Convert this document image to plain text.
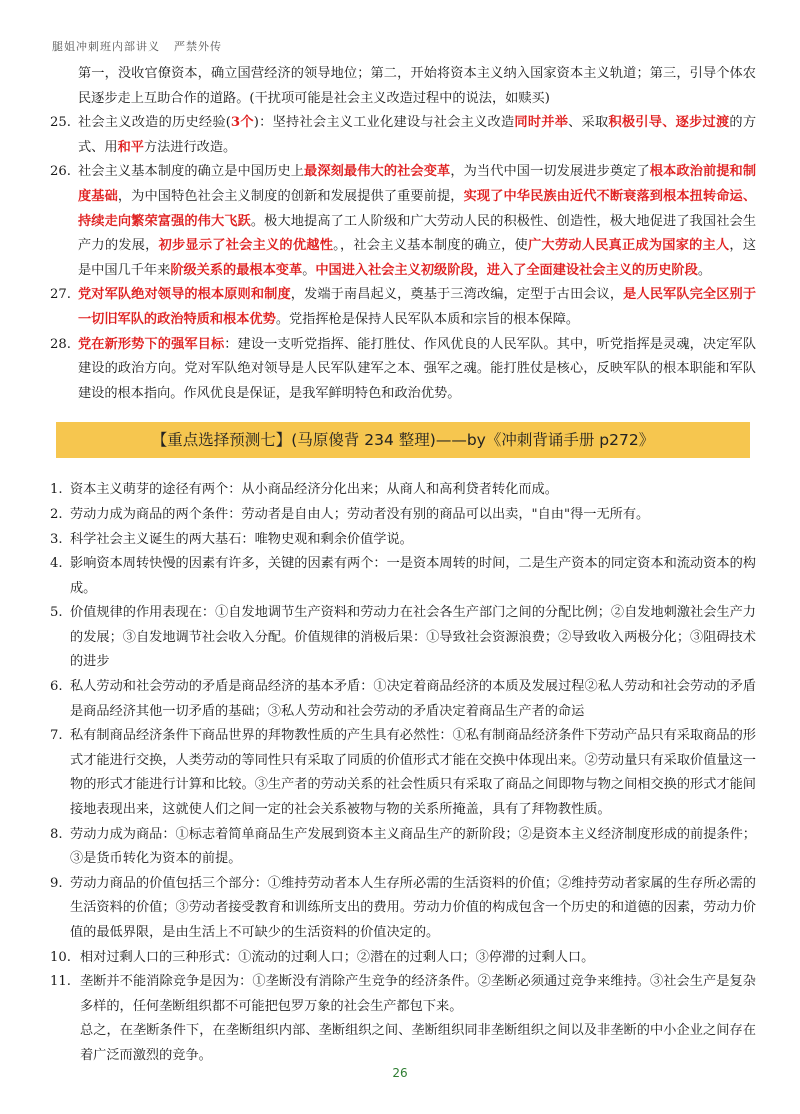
腿姐冲刺班内部讲义 严禁外传
第一，没收官僚资本，确立国营经济的领导地位；第二，开始将资本主义纳入国家资本主义轨道；第三，引导个体农民逐步走上互助合作的道路。(干扰项可能是社会主义改造过程中的说法，如赎买)
25. 社会主义改造的历史经验(3个)：坚持社会主义工业化建设与社会主义改造同时并举、采取积极引导、逐步过渡的方式、用和平方法进行改造。
26. 社会主义基本制度的确立是中国历史上最深刻最伟大的社会变革，为当代中国一切发展进步奠定了根本政治前提和制度基础，为中国特色社会主义制度的创新和发展提供了重要前提，实现了中华民族由近代不断衰落到根本扭转命运、持续走向繁荣富强的伟大飞跃。极大地提高了工人阶级和广大劳动人民的积极性、创造性，极大地促进了我国社会生产力的发展，初步显示了社会主义的优越性。，社会主义基本制度的确立，使广大劳动人民真正成为国家的主人，这是中国几千年来阶级关系的最根本变革。中国进入社会主义初级阶段，进入了全面建设社会主义的历史阶段。
27. 党对军队绝对领导的根本原则和制度，发端于南昌起义，奠基于三湾改编，定型于古田会议，是人民军队完全区别于一切旧军队的政治特质和根本优势。党指挥枪是保持人民军队本质和宗旨的根本保障。
28. 党在新形势下的强军目标：建设一支听党指挥、能打胜仗、作风优良的人民军队。其中，听党指挥是灵魂，决定军队建设的政治方向。党对军队绝对领导是人民军队建军之本、强军之魂。能打胜仗是核心，反映军队的根本职能和军队建设的根本指向。作风优良是保证，是我军鲜明特色和政治优势。
【重点选择预测七】(马原傻背 234 整理)——by《冲刺背诵手册 p272》
1. 资本主义萌芽的途径有两个：从小商品经济分化出来；从商人和高利贷者转化而成。
2. 劳动力成为商品的两个条件：劳动者是自由人；劳动者没有别的商品可以出卖，"自由"得一无所有。
3. 科学社会主义诞生的两大基石：唯物史观和剩余价值学说。
4. 影响资本周转快慢的因素有许多，关键的因素有两个：一是资本周转的时间，二是生产资本的同定资本和流动资本的构成。
5. 价值规律的作用表现在：①自发地调节生产资料和劳动力在社会各生产部门之间的分配比例；②自发地刺激社会生产力的发展；③自发地调节社会收入分配。价值规律的消极后果：①导致社会资源浪费；②导致收入两极分化；③阻碍技术的进步
6. 私人劳动和社会劳动的矛盾是商品经济的基本矛盾：①决定着商品经济的本质及发展过程②私人劳动和社会劳动的矛盾是商品经济其他一切矛盾的基础；③私人劳动和社会劳动的矛盾决定着商品生产者的命运
7. 私有制商品经济条件下商品世界的拜物教性质的产生具有必然性：①私有制商品经济条件下劳动产品只有采取商品的形式才能进行交换，人类劳动的等同性只有采取了同质的价值形式才能在交换中体现出来。②劳动量只有采取价值量这一物的形式才能进行计算和比较。③生产者的劳动关系的社会性质只有采取了商品之间即物与物之间相交换的形式才能间接地表现出来，这就使人们之间一定的社会关系被物与物的关系所掩盖，具有了拜物教性质。
8. 劳动力成为商品：①标志着简单商品生产发展到资本主义商品生产的新阶段；②是资本主义经济制度形成的前提条件；③是货币转化为资本的前提。
9. 劳动力商品的价值包括三个部分：①维持劳动者本人生存所必需的生活资料的价值；②维持劳动者家属的生存所必需的生活资料的价值；③劳动者接受教育和训练所支出的费用。劳动力价值的构成包含一个历史的和道德的因素，劳动力价值的最低界限，是由生活上不可缺少的生活资料的价值决定的。
10. 相对过剩人口的三种形式：①流动的过剩人口；②潜在的过剩人口；③停滞的过剩人口。
11. 垄断并不能消除竞争是因为：①垄断没有消除产生竞争的经济条件。②垄断必须通过竞争来维持。③社会生产是复杂多样的，任何垄断组织都不可能把包罗万象的社会生产都包下来。
总之，在垄断条件下，在垄断组织内部、垄断组织之间、垄断组织同非垄断组织之间以及非垄断的中小企业之间存在着广泛而激烈的竞争。
26
